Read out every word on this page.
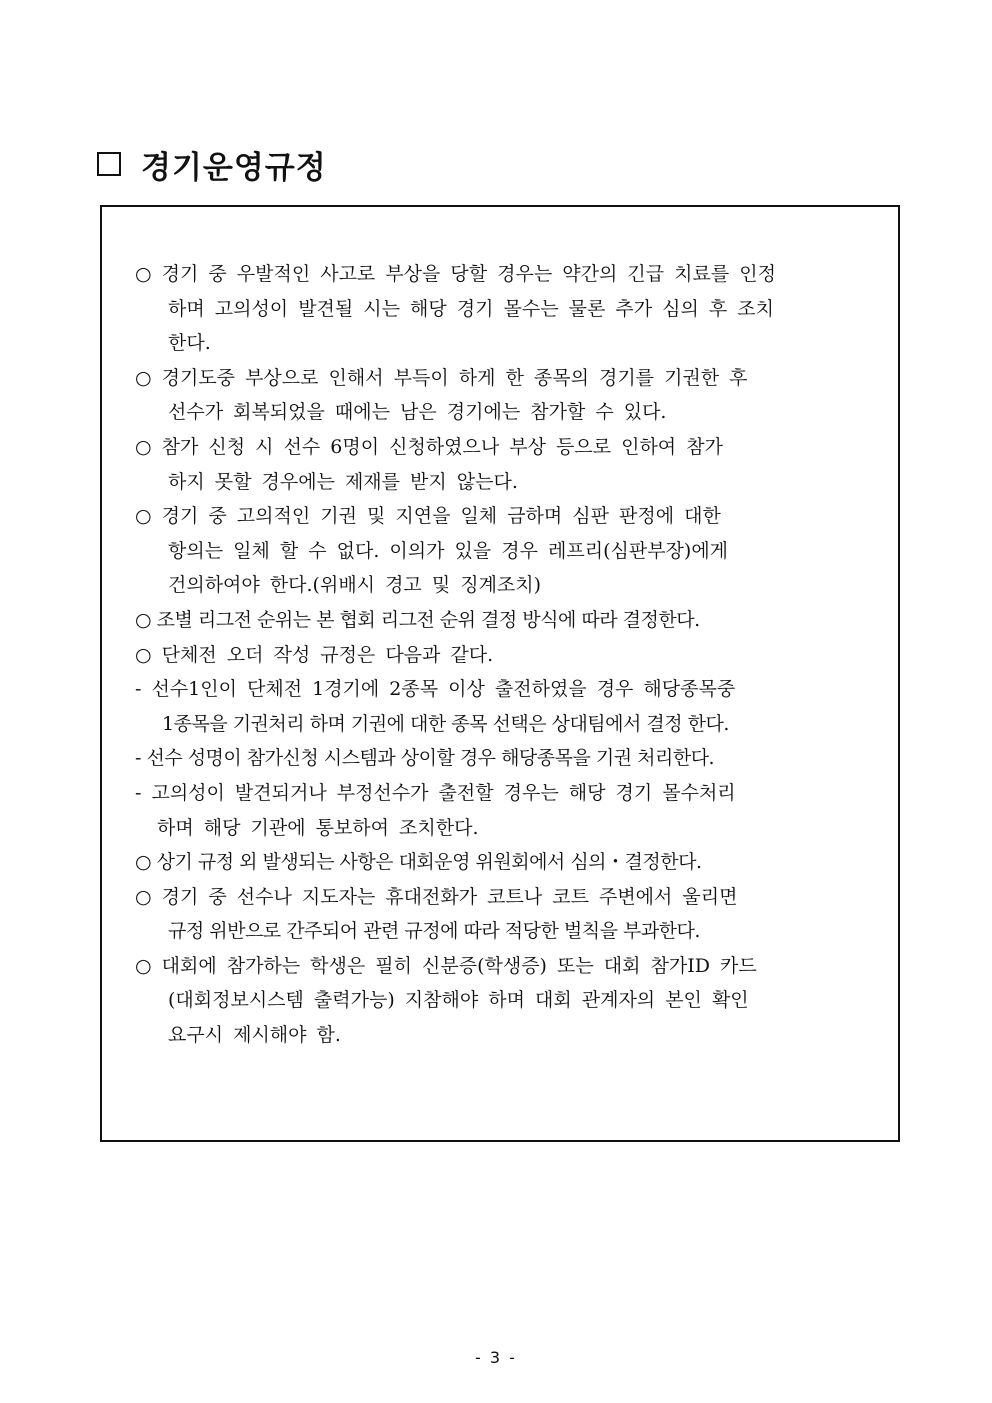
경기운영규정
○ 경기 중 우발적인 사고로 부상을 당할 경우는 약간의 긴급 치료를 인정
하며 고의성이 발견될 시는 해당 경기 몰수는 물론 추가 심의 후 조치
한다.
○ 경기도중 부상으로 인해서 부득이 하게 한 종목의 경기를 기권한 후
선수가 회복되었을 때에는 남은 경기에는 참가할 수 있다.
○ 참가 신청 시 선수 6명이 신청하였으나 부상 등으로 인하여 참가
하지 못할 경우에는 제재를 받지 않는다.
○ 경기 중 고의적인 기권 및 지연을 일체 금하며 심판 판정에 대한
항의는 일체 할 수 없다. 이의가 있을 경우 레프리(심판부장)에게
건의하여야 한다.(위배시 경고 및 징계조치)
○ 조별 리그전 순위는 본 협회 리그전 순위 결정 방식에 따라 결정한다.
○ 단체전 오더 작성 규정은 다음과 같다.
- 선수1인이 단체전 1경기에 2종목 이상 출전하였을 경우 해당종목중
1종목을 기권처리 하며 기권에 대한 종목 선택은 상대팀에서 결정 한다.
- 선수 성명이 참가신청 시스템과 상이할 경우 해당종목을 기권 처리한다.
- 고의성이 발견되거나 부정선수가 출전할 경우는 해당 경기 몰수처리
하며 해당 기관에 통보하여 조치한다.
○ 상기 규정 외 발생되는 사항은 대회운영 위원회에서 심의・결정한다.
○ 경기 중 선수나 지도자는 휴대전화가 코트나 코트 주변에서 울리면
규정 위반으로 간주되어 관련 규정에 따라 적당한 벌칙을 부과한다.
○ 대회에 참가하는 학생은 필히 신분증(학생증) 또는 대회 참가ID 카드
(대회정보시스템 출력가능) 지참해야 하며 대회 관계자의 본인 확인
요구시 제시해야 함.
- 3 -
